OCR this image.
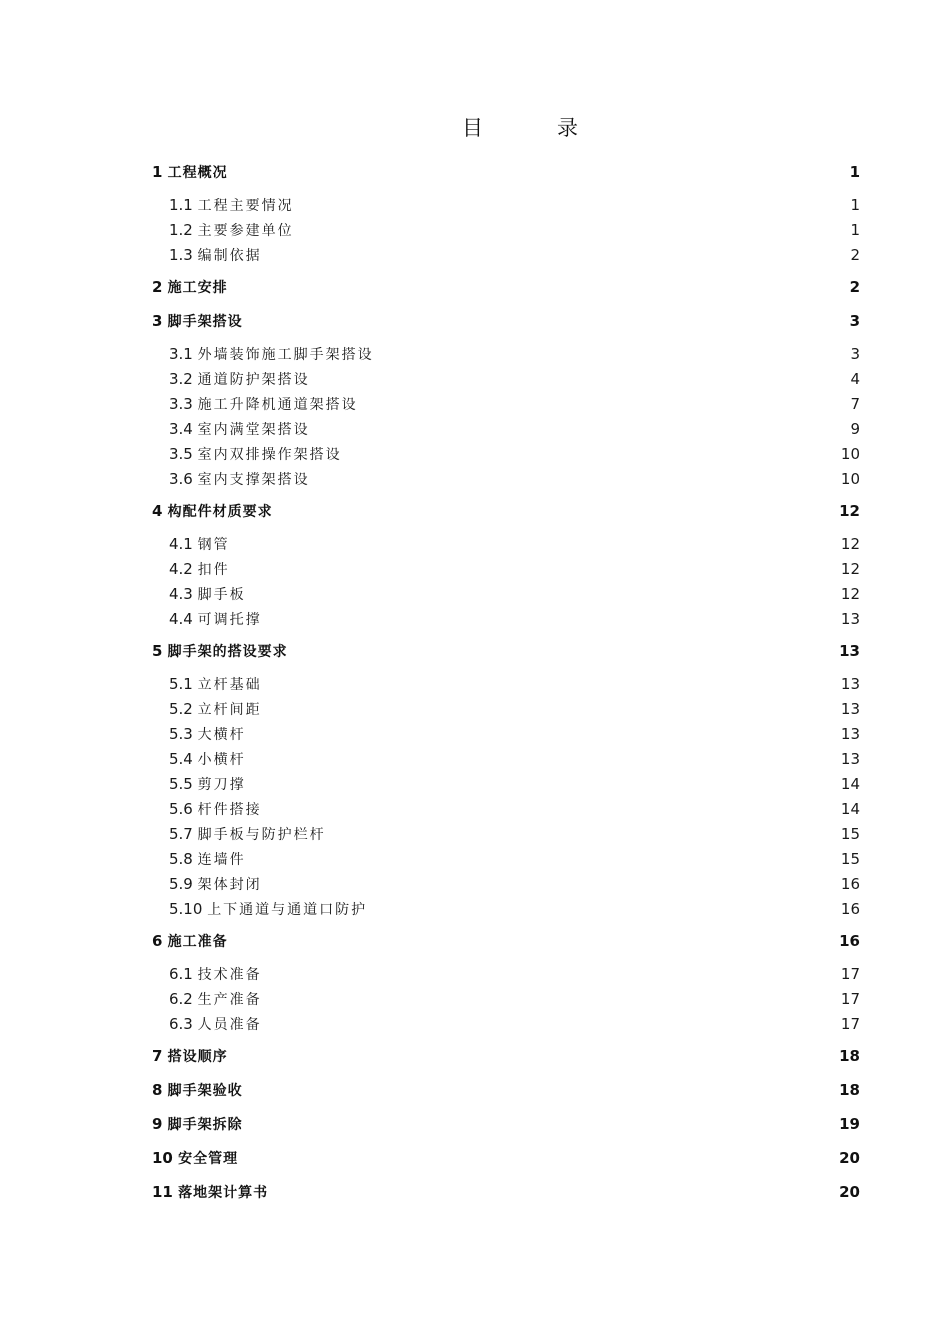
目	录
1 工程概况	1
1.1 工程主要情况	1
1.2 主要参建单位	1
1.3 编制依据	2
2 施工安排	2
3 脚手架搭设	3
3.1 外墙装饰施工脚手架搭设	3
3.2 通道防护架搭设	4
3.3 施工升降机通道架搭设	7
3.4 室内满堂架搭设	9
3.5 室内双排操作架搭设	10
3.6 室内支撑架搭设	10
4 构配件材质要求	12
4.1 钢管	12
4.2 扣件	12
4.3 脚手板	12
4.4 可调托撑	13
5 脚手架的搭设要求	13
5.1 立杆基础	13
5.2 立杆间距	13
5.3 大横杆	13
5.4 小横杆	13
5.5 剪刀撑	14
5.6 杆件搭接	14
5.7 脚手板与防护栏杆	15
5.8 连墙件	15
5.9 架体封闭	16
5.10 上下通道与通道口防护	16
6 施工准备	16
6.1 技术准备	17
6.2 生产准备	17
6.3 人员准备	17
7 搭设顺序	18
8 脚手架验收	18
9 脚手架拆除	19
10 安全管理	20
11 落地架计算书	20
